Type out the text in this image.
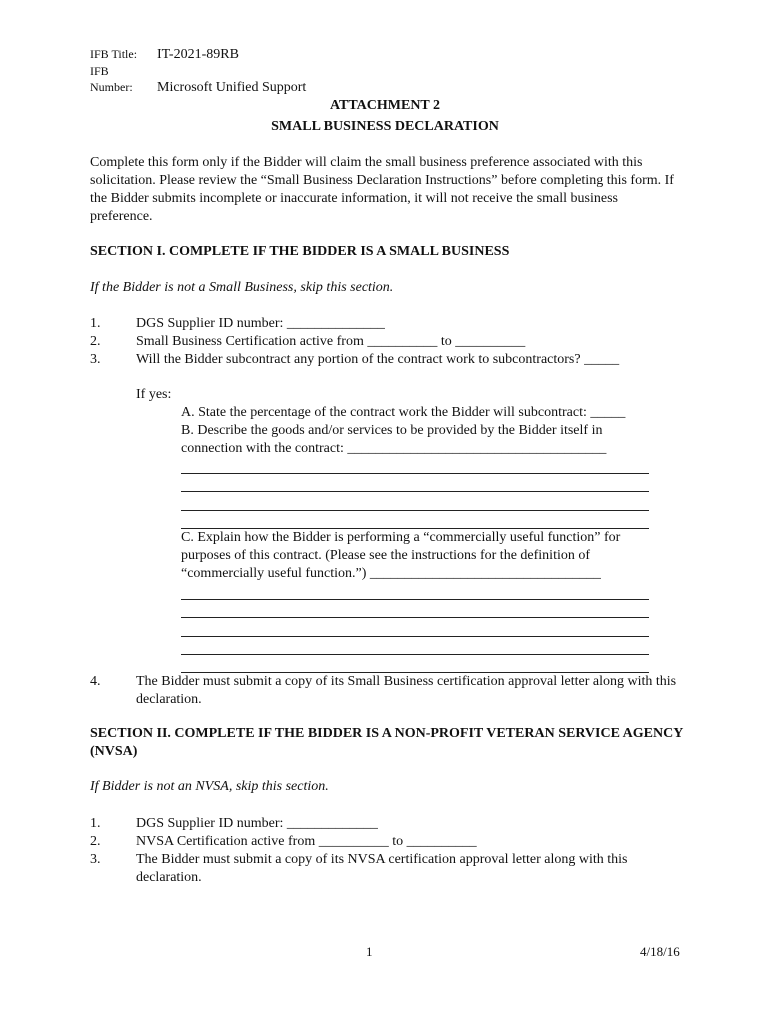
IFB Title: IT-2021-89RB
IFB Number: Microsoft Unified Support
ATTACHMENT 2
SMALL BUSINESS DECLARATION
Complete this form only if the Bidder will claim the small business preference associated with this solicitation. Please review the “Small Business Declaration Instructions” before completing this form. If the Bidder submits incomplete or inaccurate information, it will not receive the small business preference.
SECTION I. COMPLETE IF THE BIDDER IS A SMALL BUSINESS
If the Bidder is not a Small Business, skip this section.
1.	DGS Supplier ID number: ______________
2.	Small Business Certification active from __________ to __________
3.	Will the Bidder subcontract any portion of the contract work to subcontractors? _____
If yes:
A. State the percentage of the contract work the Bidder will subcontract: _____
B. Describe the goods and/or services to be provided by the Bidder itself in connection with the contract: _____________________________________
C. Explain how the Bidder is performing a “commercially useful function” for purposes of this contract. (Please see the instructions for the definition of “commercially useful function.”) _________________________________
4.	The Bidder must submit a copy of its Small Business certification approval letter along with this declaration.
SECTION II. COMPLETE IF THE BIDDER IS A NON-PROFIT VETERAN SERVICE AGENCY (NVSA)
If Bidder is not an NVSA, skip this section.
1.	DGS Supplier ID number: _____________
2.	NVSA Certification active from __________ to __________
3.	The Bidder must submit a copy of its NVSA certification approval letter along with this declaration.
1	4/18/16
